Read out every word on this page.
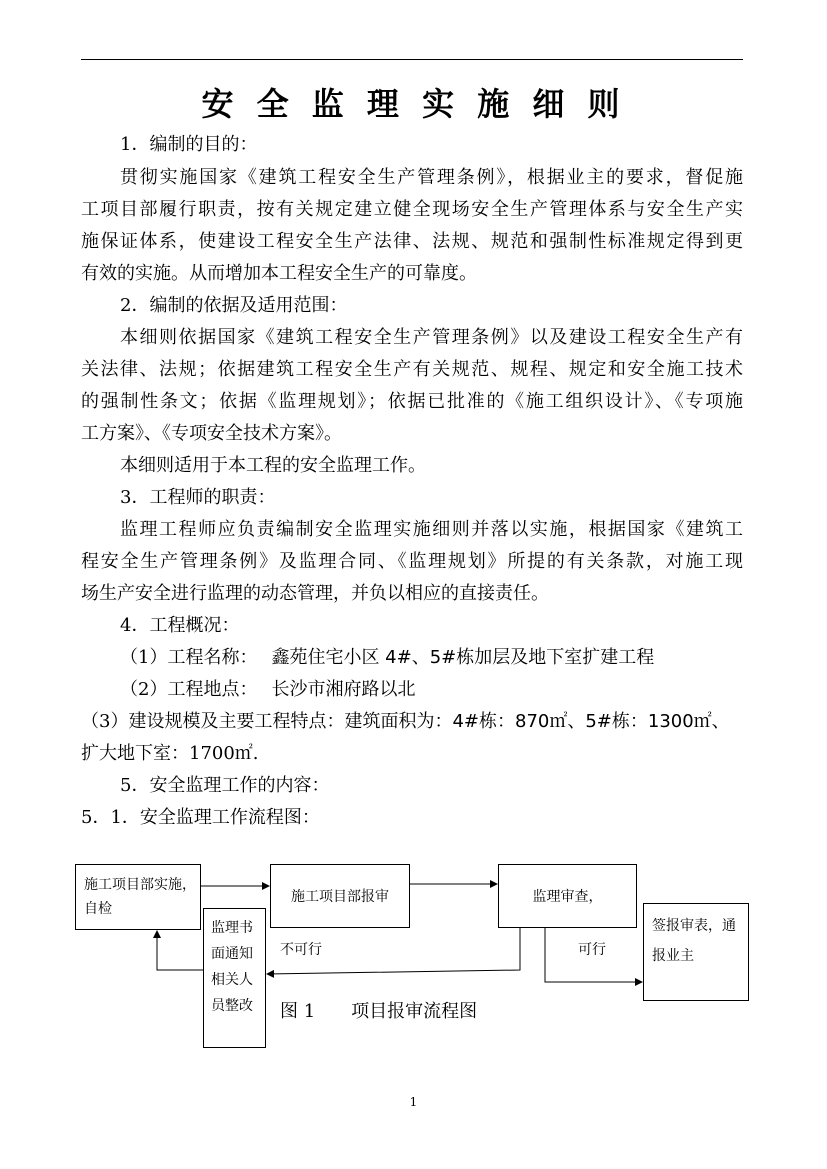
安 全 监 理 实 施 细 则
1．编制的目的：
贯彻实施国家《建筑工程安全生产管理条例》，根据业主的要求，督促施
工项目部履行职责，按有关规定建立健全现场安全生产管理体系与安全生产实
施保证体系，使建设工程安全生产法律、法规、规范和强制性标准规定得到更
有效的实施。从而增加本工程安全生产的可靠度。
2．编制的依据及适用范围：
本细则依据国家《建筑工程安全生产管理条例》以及建设工程安全生产有
关法律、法规；依据建筑工程安全生产有关规范、规程、规定和安全施工技术
的强制性条文；依据《监理规划》；依据已批准的《施工组织设计》、《专项施
工方案》、《专项安全技术方案》。
本细则适用于本工程的安全监理工作。
3．工程师的职责：
监理工程师应负责编制安全监理实施细则并落以实施，根据国家《建筑工
程安全生产管理条例》及监理合同、《监理规划》所提的有关条款，对施工现
场生产安全进行监理的动态管理，并负以相应的直接责任。
4．工程概况：
（1）工程名称： 鑫苑住宅小区 4#、5#栋加层及地下室扩建工程
（2）工程地点： 长沙市湘府路以北
（3）建设规模及主要工程特点：建筑面积为：4#栋：870㎡、5#栋：1300㎡、
扩大地下室：1700㎡.
5．安全监理工作的内容：
5．1．安全监理工作流程图：
施工项目部实施，
自检
施工项目部报审	监理审查，
签报审表，通
报业主
监理书
面通知
相关人
员整改
不可行	可行
图 1　　项目报审流程图
1
